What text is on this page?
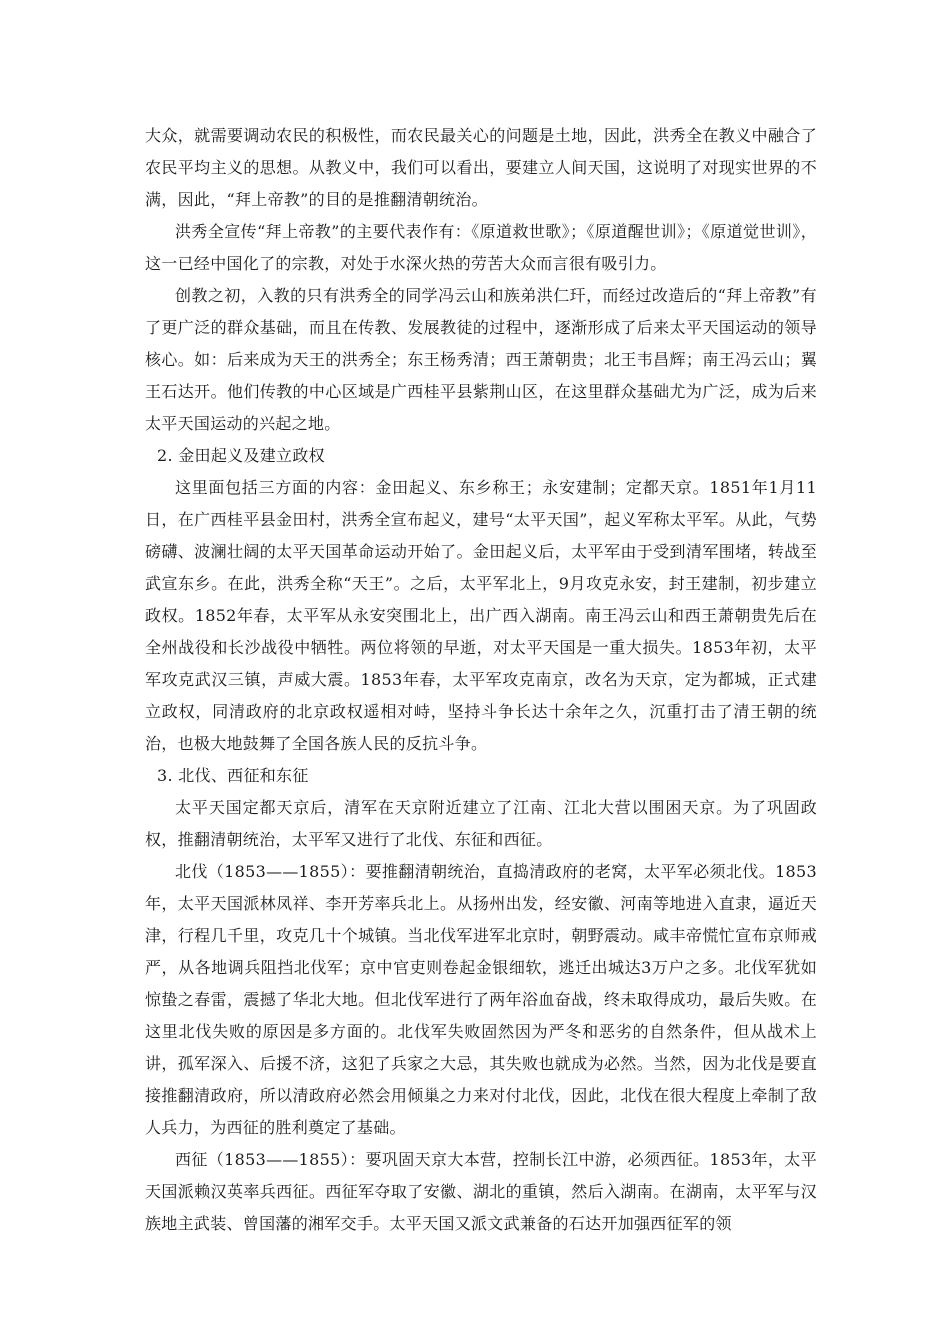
大众，就需要调动农民的积极性，而农民最关心的问题是土地，因此，洪秀全在教义中融合了农民平均主义的思想。从教义中，我们可以看出，要建立人间天国，这说明了对现实世界的不满，因此，“拜上帝教”的目的是推翻清朝统治。

洪秀全宣传“拜上帝教”的主要代表作有：《原道救世歌》；《原道醒世训》；《原道觉世训》，这一已经中国化了的宗教，对处于水深火热的劳苦大众而言很有吸引力。

创教之初，入教的只有洪秀全的同学冯云山和族弟洪仁玕，而经过改造后的“拜上帝教”有了更广泛的群众基础，而且在传教、发展教徒的过程中，逐渐形成了后来太平天国运动的领导核心。如：后来成为天王的洪秀全；东王杨秀清；西王萧朝贵；北王韦昌辉；南王冯云山；翼王石达开。他们传教的中心区域是广西桂平县紫荆山区，在这里群众基础尤为广泛，成为后来太平天国运动的兴起之地。

2. 金田起义及建立政权

这里面包括三方面的内容：金田起义、东乡称王；永安建制；定都天京。1851年1月11日，在广西桂平县金田村，洪秀全宣布起义，建号“太平天国”，起义军称太平军。从此，气势磅礴、波澜壮阔的太平天国革命运动开始了。金田起义后，太平军由于受到清军围堵，转战至武宣东乡。在此，洪秀全称“天王”。之后，太平军北上，9月攻克永安，封王建制，初步建立政权。1852年春，太平军从永安突围北上，出广西入湖南。南王冯云山和西王萧朝贵先后在全州战役和长沙战役中牺牲。两位将领的早逝，对太平天国是一重大损失。1853年初，太平军攻克武汉三镇，声威大震。1853年春，太平军攻克南京，改名为天京，定为都城，正式建立政权，同清政府的北京政权遥相对峙，坚持斗争长达十余年之久，沉重打击了清王朝的统治，也极大地鼓舞了全国各族人民的反抗斗争。

3. 北伐、西征和东征

太平天国定都天京后，清军在天京附近建立了江南、江北大营以围困天京。为了巩固政权，推翻清朝统治，太平军又进行了北伐、东征和西征。

北伐（1853——1855）：要推翻清朝统治，直捣清政府的老窝，太平军必须北伐。1853年，太平天国派林凤祥、李开芳率兵北上。从扬州出发，经安徽、河南等地进入直隶，逼近天津，行程几千里，攻克几十个城镇。当北伐军进军北京时，朝野震动。咸丰帝慌忙宣布京师戒严，从各地调兵阻挡北伐军；京中官吏则卷起金银细软，逃迁出城达3万户之多。北伐军犹如惊蛰之春雷，震撼了华北大地。但北伐军进行了两年浴血奋战，终未取得成功，最后失败。在这里北伐失败的原因是多方面的。北伐军失败固然因为严冬和恶劣的自然条件，但从战术上讲，孤军深入、后援不济，这犯了兵家之大忌，其失败也就成为必然。当然，因为北伐是要直接推翻清政府，所以清政府必然会用倾巢之力来对付北伐，因此，北伐在很大程度上牵制了敌人兵力，为西征的胜利奠定了基础。

西征（1853——1855）：要巩固天京大本营，控制长江中游，必须西征。1853年，太平天国派赖汉英率兵西征。西征军夺取了安徽、湖北的重镇，然后入湖南。在湖南，太平军与汉族地主武装、曾国藩的湘军交手。太平天国又派文武兼备的石达开加强西征军的领
